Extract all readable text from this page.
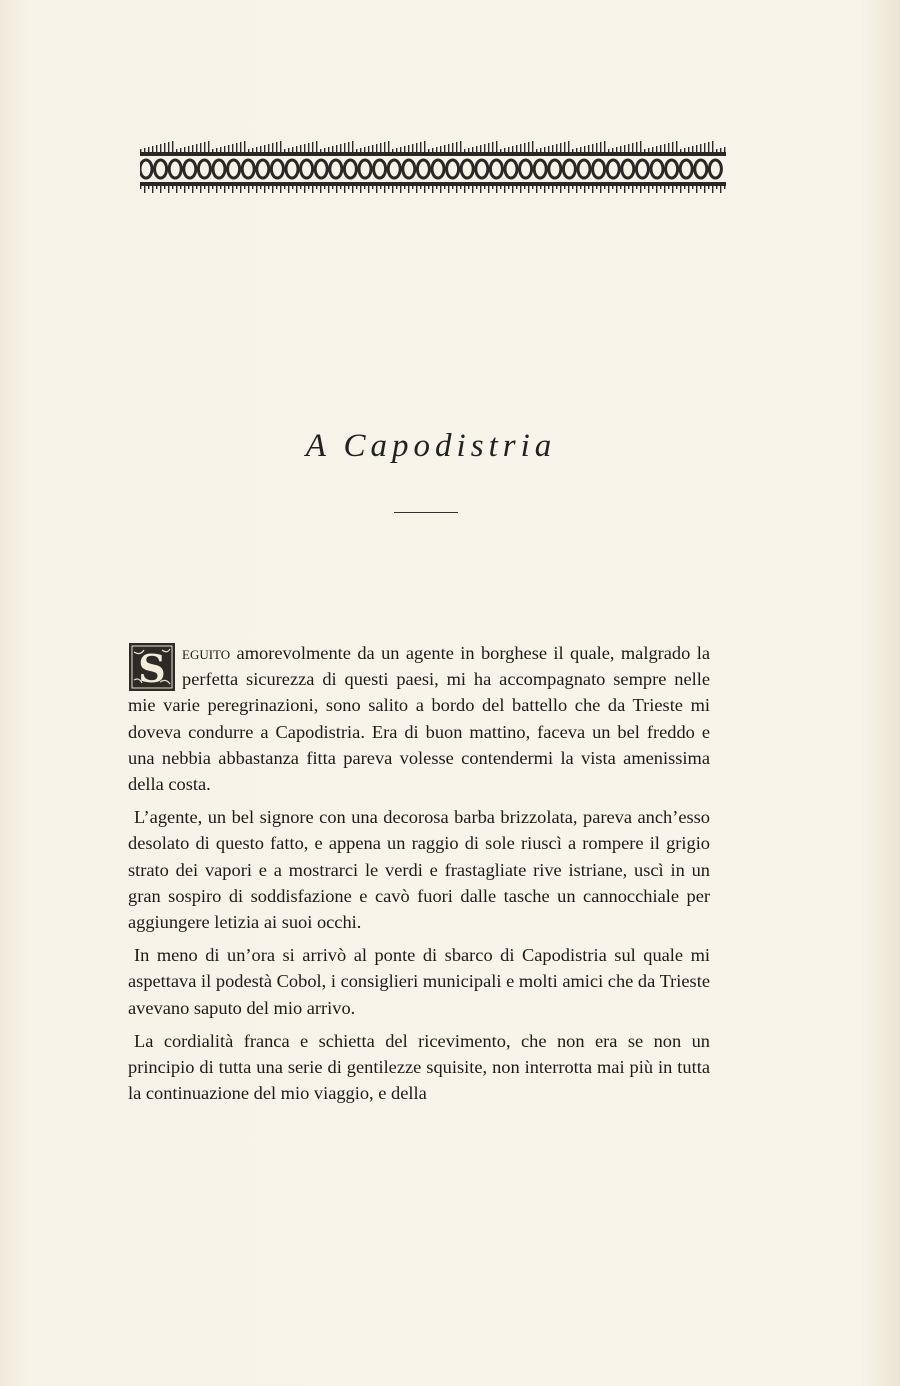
A Capodistria

S eguito amorevolmente da un agente in borghese il quale, malgrado la perfetta sicurezza di questi paesi, mi ha accompagnato sempre nelle mie varie peregrinazioni, sono salito a bordo del battello che da Trieste mi doveva condurre a Capodistria. Era di buon mattino, faceva un bel freddo e una nebbia abbastanza fitta pareva volesse contendermi la vista amenissima della costa.

L’agente, un bel signore con una decorosa barba brizzolata, pareva anch’esso desolato di questo fatto, e appena un raggio di sole riuscì a rompere il grigio strato dei vapori e a mostrarci le verdi e frastagliate rive istriane, uscì in un gran sospiro di soddisfazione e cavò fuori dalle tasche un cannocchiale per aggiungere letizia ai suoi occhi.

In meno di un’ora si arrivò al ponte di sbarco di Capodistria sul quale mi aspettava il podestà Cobol, i consiglieri municipali e molti amici che da Trieste avevano saputo del mio arrivo.

La cordialità franca e schietta del ricevimento, che non era se non un principio di tutta una serie di gentilezze squisite, non interrotta mai più in tutta la continuazione del mio viaggio, e della
